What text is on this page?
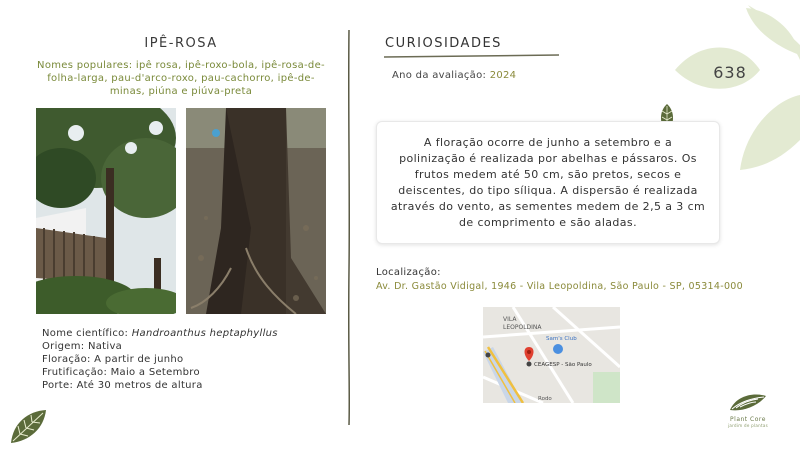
638
IPÊ-ROSA
Nomes populares: ipê rosa, ipê-roxo-bola, ipê-rosa-de-folha-larga, pau-d'arco-roxo, pau-cachorro, ipê-de-minas, piúna e piúva-preta
Nome científico: Handroanthus heptaphyllus
Origem: Nativa
Floração: A partir de junho
Frutificação: Maio a Setembro
Porte: Até 30 metros de altura
CURIOSIDADES
Ano da avaliação: 2024
A floração ocorre de junho a setembro e a polinização é realizada por abelhas e pássaros. Os frutos medem até 50 cm, são pretos, secos e deiscentes, do tipo síliqua. A dispersão é realizada através do vento, as sementes medem de 2,5 a 3 cm de comprimento e são aladas.
Localização:
Av. Dr. Gastão Vidigal, 1946 - Vila Leopoldina, São Paulo - SP, 05314-000
VILA
LEOPOLDINA
Sam's Club
CEAGESP - São Paulo
Rodo
Plant Core
jardim de plantas
